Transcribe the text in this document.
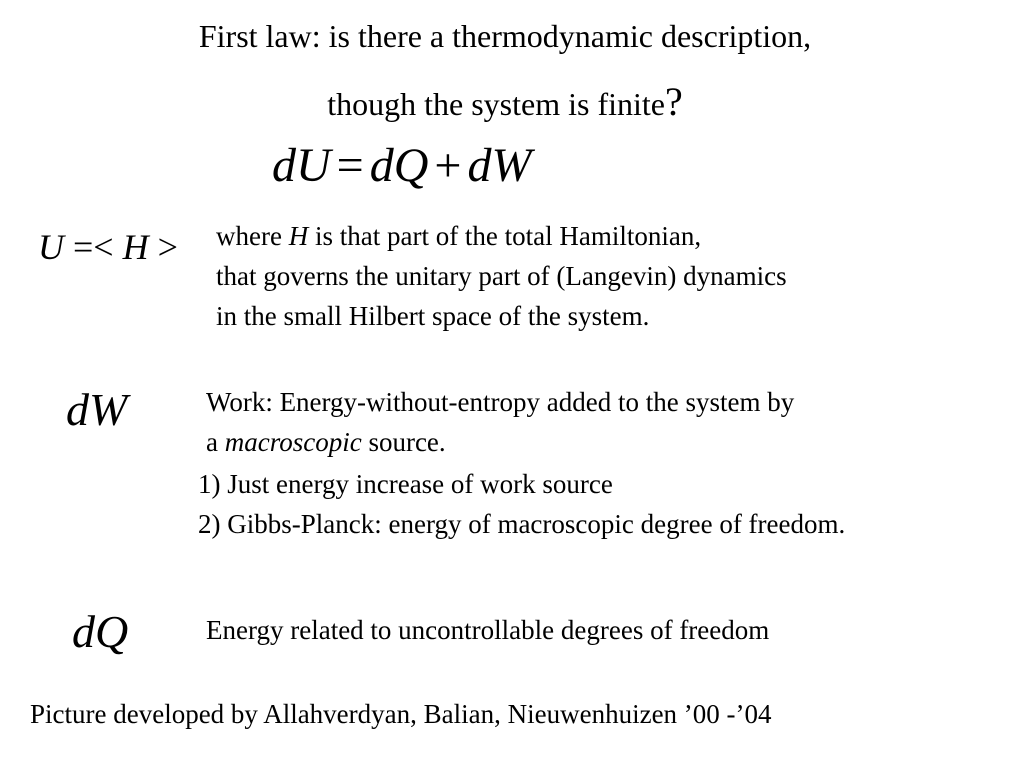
First law: is there a thermodynamic description,
though the system is finite?
dU = dQ + dW
U =< H > where H is that part of the total Hamiltonian,
that governs the unitary part of (Langevin) dynamics
in the small Hilbert space of the system.
dW	Work: Energy-without-entropy added to the system by
a macroscopic source.
1) Just energy increase of work source
2) Gibbs-Planck: energy of macroscopic degree of freedom.
dQ	Energy related to uncontrollable degrees of freedom
Picture developed by Allahverdyan, Balian, Nieuwenhuizen ’00 -’04
